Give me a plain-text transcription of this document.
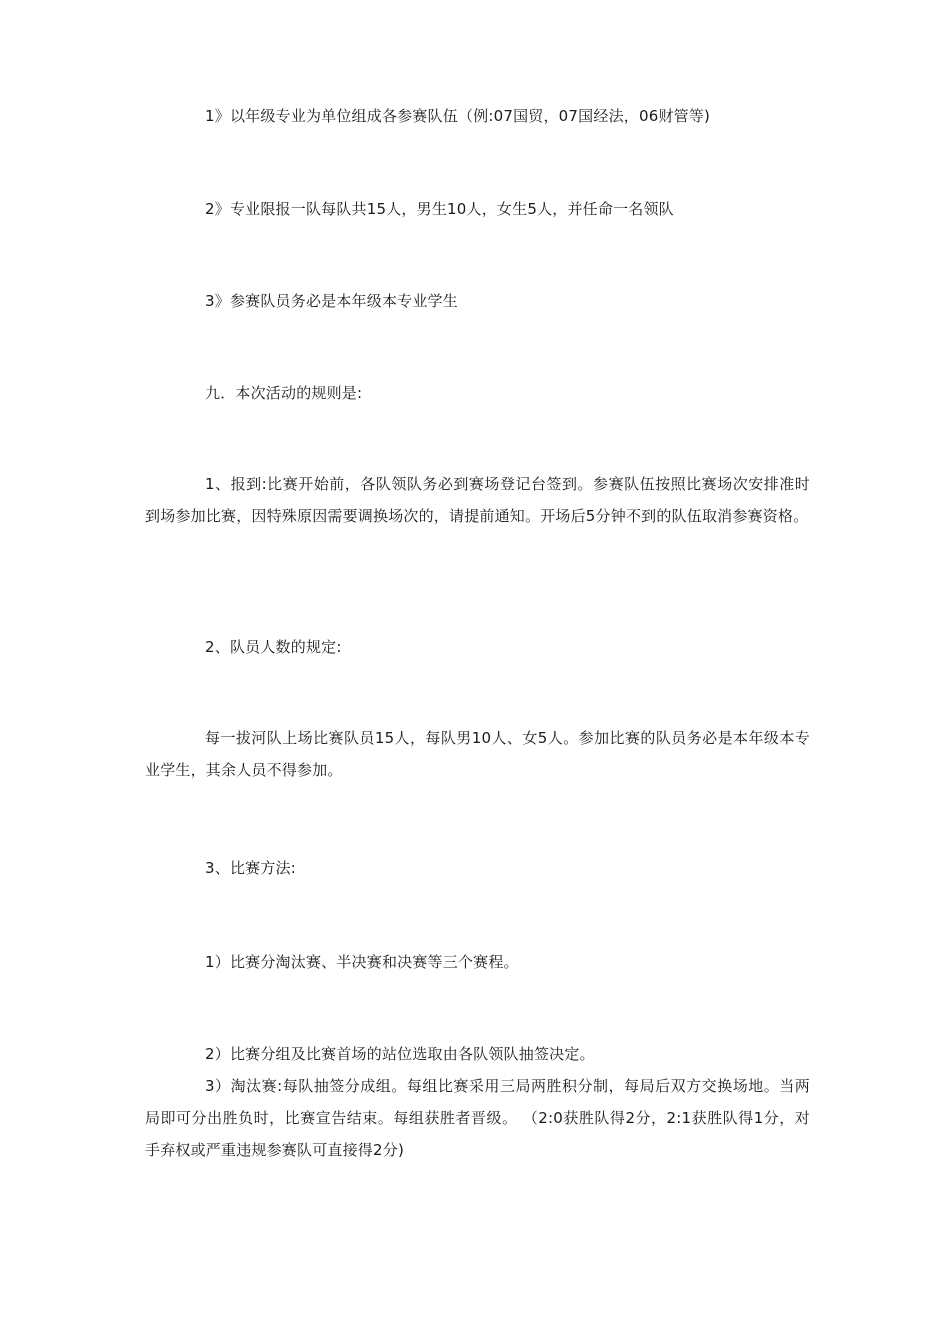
1》以年级专业为单位组成各参赛队伍（例:07国贸，07国经法，06财管等)

2》专业限报一队每队共15人，男生10人，女生5人，并任命一名领队

3》参赛队员务必是本年级本专业学生

九．本次活动的规则是:

1、报到:比赛开始前，各队领队务必到赛场登记台签到。参赛队伍按照比赛场次安排准时到场参加比赛，因特殊原因需要调换场次的，请提前通知。开场后5分钟不到的队伍取消参赛资格。

2、队员人数的规定:

每一拔河队上场比赛队员15人，每队男10人、女5人。参加比赛的队员务必是本年级本专业学生，其余人员不得参加。

3、比赛方法:

1）比赛分淘汰赛、半决赛和决赛等三个赛程。

2）比赛分组及比赛首场的站位选取由各队领队抽签决定。

3）淘汰赛:每队抽签分成组。每组比赛采用三局两胜积分制，每局后双方交换场地。当两局即可分出胜负时，比赛宣告结束。每组获胜者晋级。 （2:0获胜队得2分，2:1获胜队得1分，对手弃权或严重违规参赛队可直接得2分)
